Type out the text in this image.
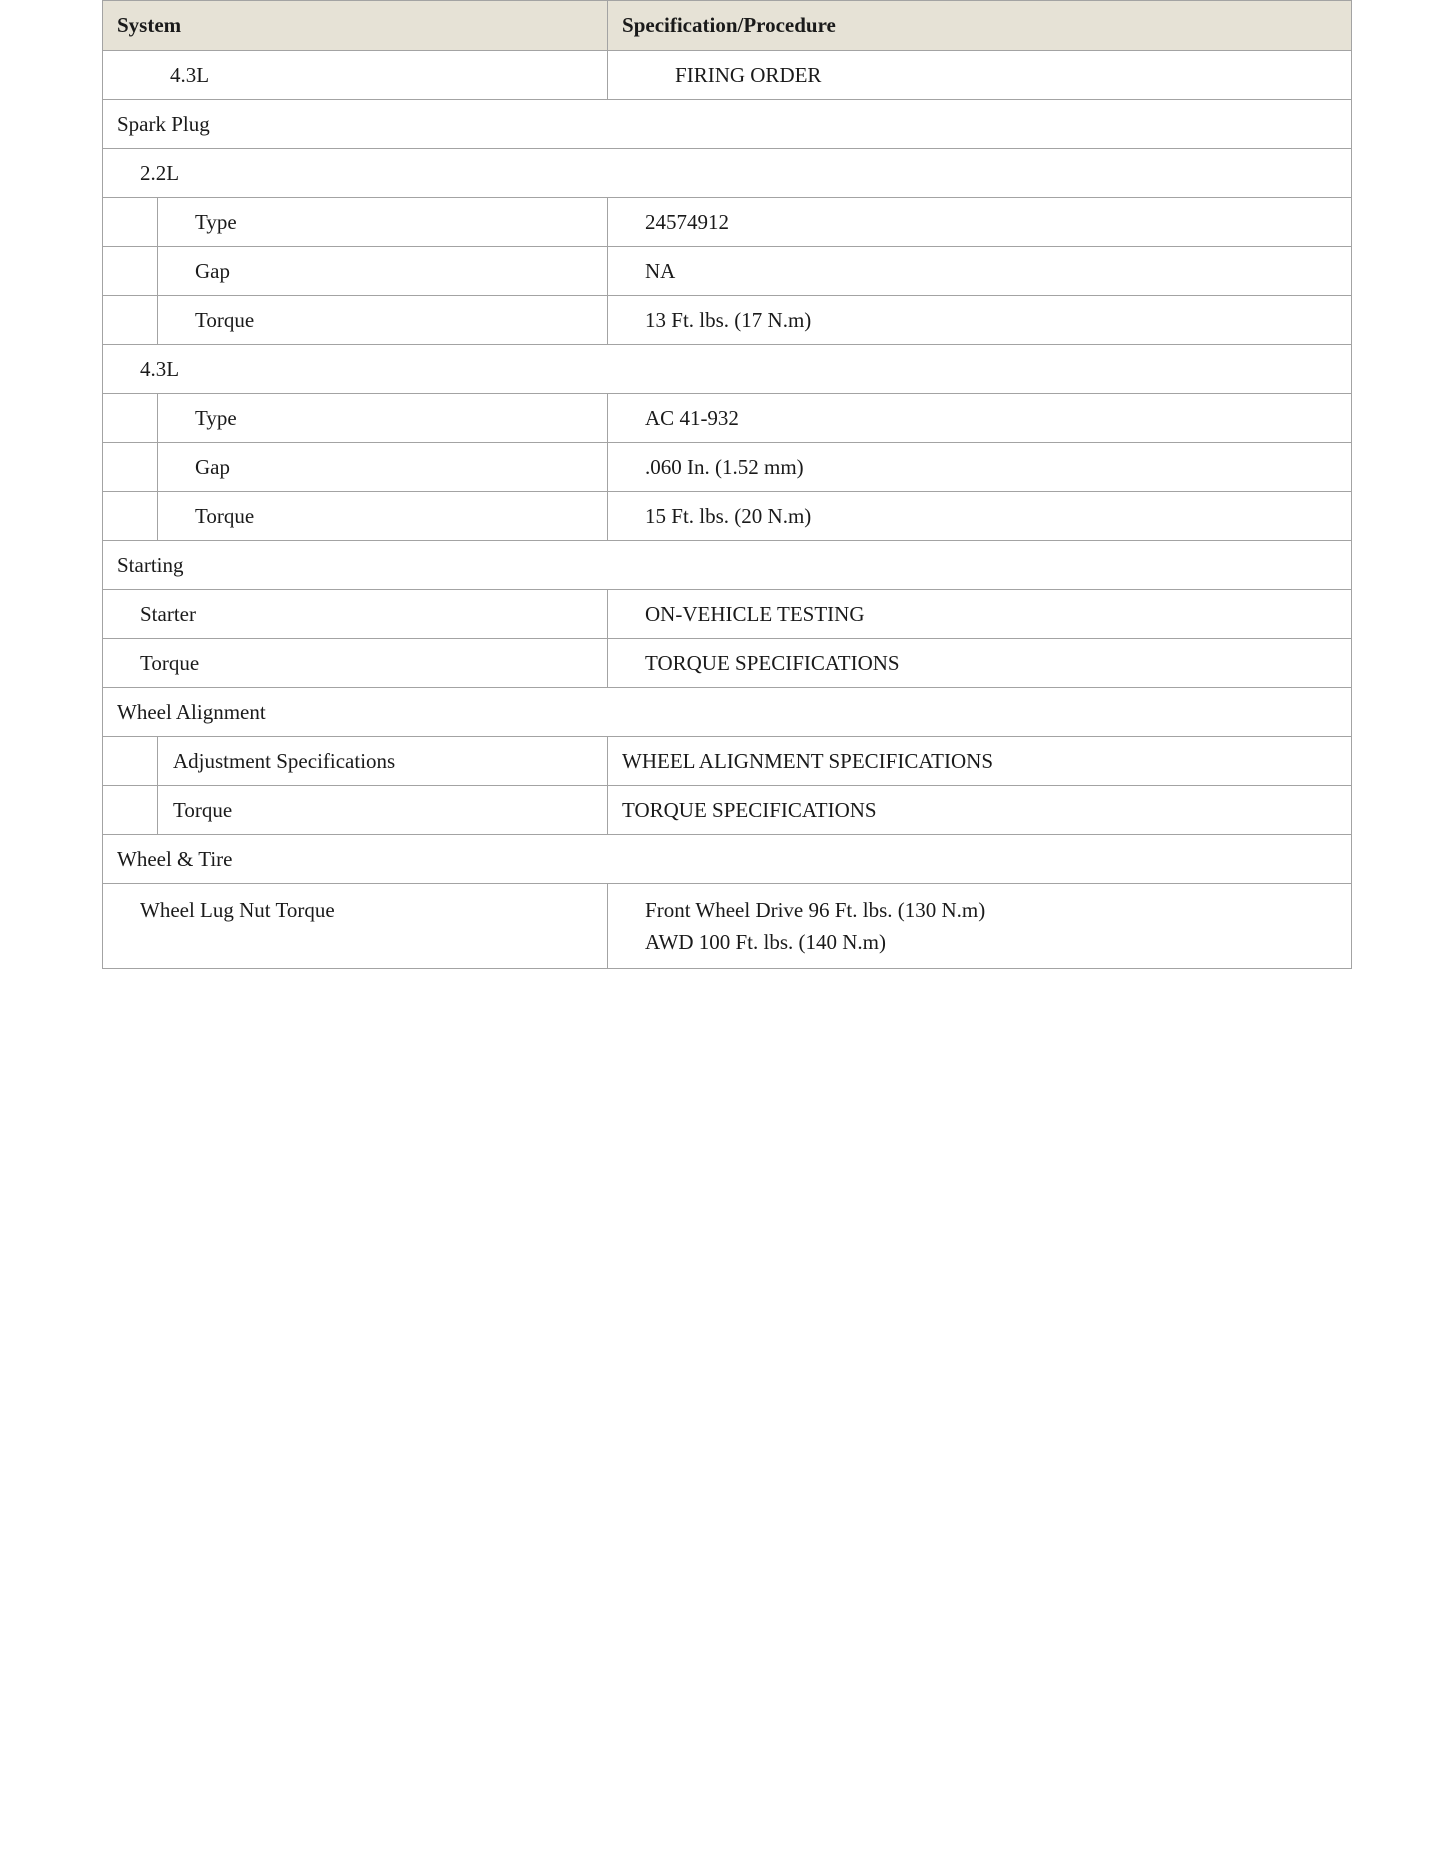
System		Specification/Procedure
4.3L		FIRING ORDER
Spark Plug		
2.2L		
	Type	24574912
	Gap	NA
	Torque	13 Ft. lbs. (17 N.m)
4.3L		
	Type	AC 41-932
	Gap	.060 In. (1.52 mm)
	Torque	15 Ft. lbs. (20 N.m)
Starting		
Starter		ON-VEHICLE TESTING
Torque		TORQUE SPECIFICATIONS
Wheel Alignment		
	Adjustment Specifications	WHEEL ALIGNMENT SPECIFICATIONS
	Torque	TORQUE SPECIFICATIONS
Wheel & Tire		
Wheel Lug Nut Torque		Front Wheel Drive 96 Ft. lbs. (130 N.m)
AWD 100 Ft. lbs. (140 N.m)
